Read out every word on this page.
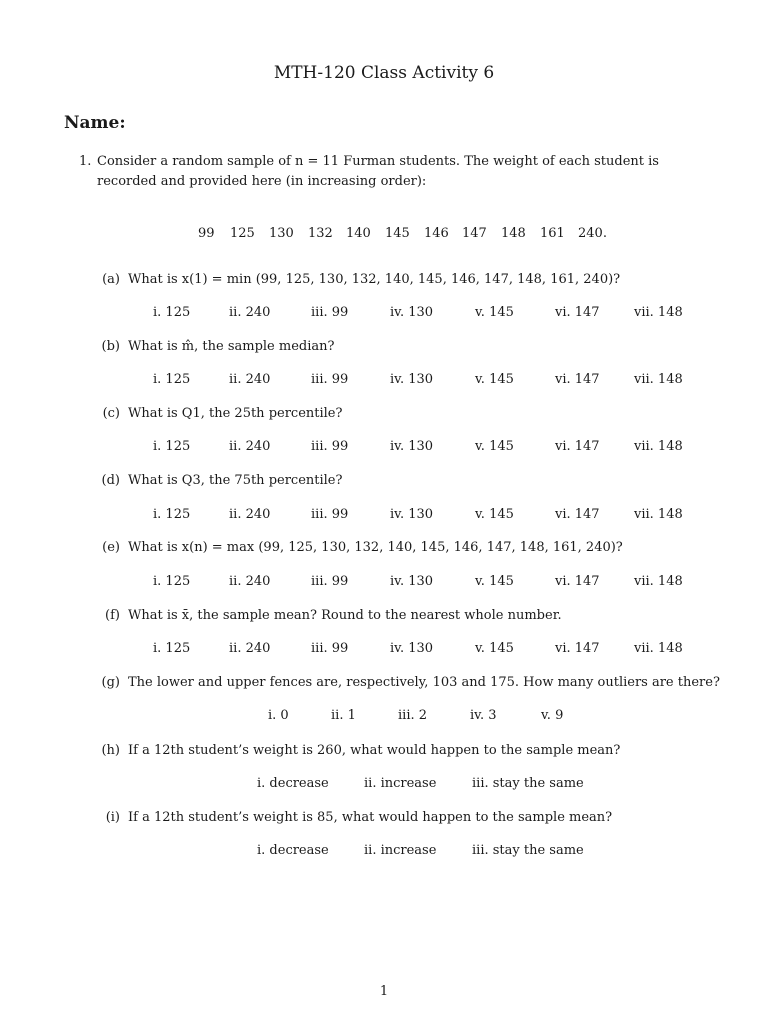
MTH-120 Class Activity 6
Name:
1. Consider a random sample of n = 11 Furman students. The weight of each student is recorded and provided here (in increasing order):
99 125 130 132 140 145 146 147 148 161 240.
(a) What is x(1) = min (99, 125, 130, 132, 140, 145, 146, 147, 148, 161, 240)?
i. 125	ii. 240	iii. 99	iv. 130	v. 145	vi. 147	vii. 148
(b) What is m̂, the sample median?
i. 125	ii. 240	iii. 99	iv. 130	v. 145	vi. 147	vii. 148
(c) What is Q1, the 25th percentile?
i. 125	ii. 240	iii. 99	iv. 130	v. 145	vi. 147	vii. 148
(d) What is Q3, the 75th percentile?
i. 125	ii. 240	iii. 99	iv. 130	v. 145	vi. 147	vii. 148
(e) What is x(n) = max (99, 125, 130, 132, 140, 145, 146, 147, 148, 161, 240)?
i. 125	ii. 240	iii. 99	iv. 130	v. 145	vi. 147	vii. 148
(f) What is x̄, the sample mean? Round to the nearest whole number.
i. 125	ii. 240	iii. 99	iv. 130	v. 145	vi. 147	vii. 148
(g) The lower and upper fences are, respectively, 103 and 175. How many outliers are there?
i. 0	ii. 1	iii. 2	iv. 3	v. 9
(h) If a 12th student’s weight is 260, what would happen to the sample mean?
i. decrease	ii. increase	iii. stay the same
(i) If a 12th student’s weight is 85, what would happen to the sample mean?
i. decrease	ii. increase	iii. stay the same
1
